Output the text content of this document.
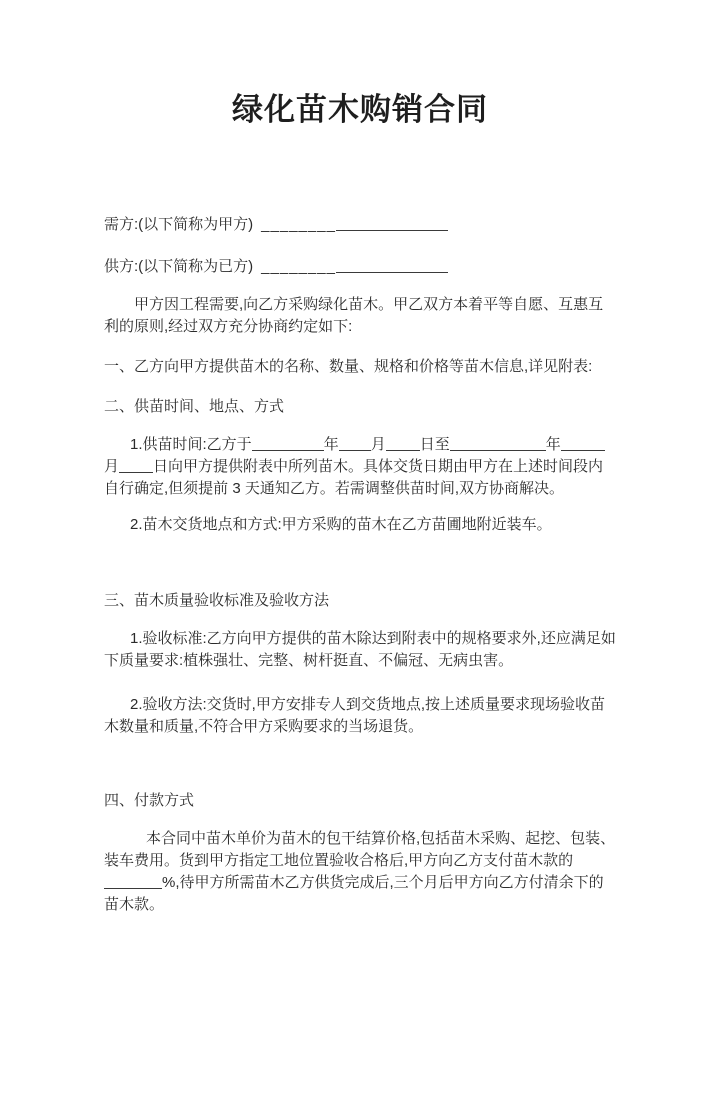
绿化苗木购销合同

需方:(以下简称为甲方) ________

供方:(以下简称为已方) ________

甲方因工程需要,向乙方采购绿化苗木。甲乙双方本着平等自愿、互惠互利的原则,经过双方充分协商约定如下:

一、乙方向甲方提供苗木的名称、数量、规格和价格等苗木信息,详见附表:

二、供苗时间、地点、方式

1.供苗时间:乙方于	年 月 日至	年月 日向甲方提供附表中所列苗木。具体交货日期由甲方在上述时间段内自行确定,但须提前 3 天通知乙方。若需调整供苗时间,双方协商解决。

2.苗木交货地点和方式:甲方采购的苗木在乙方苗圃地附近装车。

三、苗木质量验收标准及验收方法

1.验收标准:乙方向甲方提供的苗木除达到附表中的规格要求外,还应满足如下质量要求:植株强壮、完整、树杆挺直、不偏冠、无病虫害。

2.验收方法:交货时,甲方安排专人到交货地点,按上述质量要求现场验收苗木数量和质量,不符合甲方采购要求的当场退货。

四、付款方式

本合同中苗木单价为苗木的包干结算价格,包括苗木采购、起挖、包装、装车费用。货到甲方指定工地位置验收合格后,甲方向乙方支付苗木款的%,待甲方所需苗木乙方供货完成后,三个月后甲方向乙方付清余下的苗木款。
